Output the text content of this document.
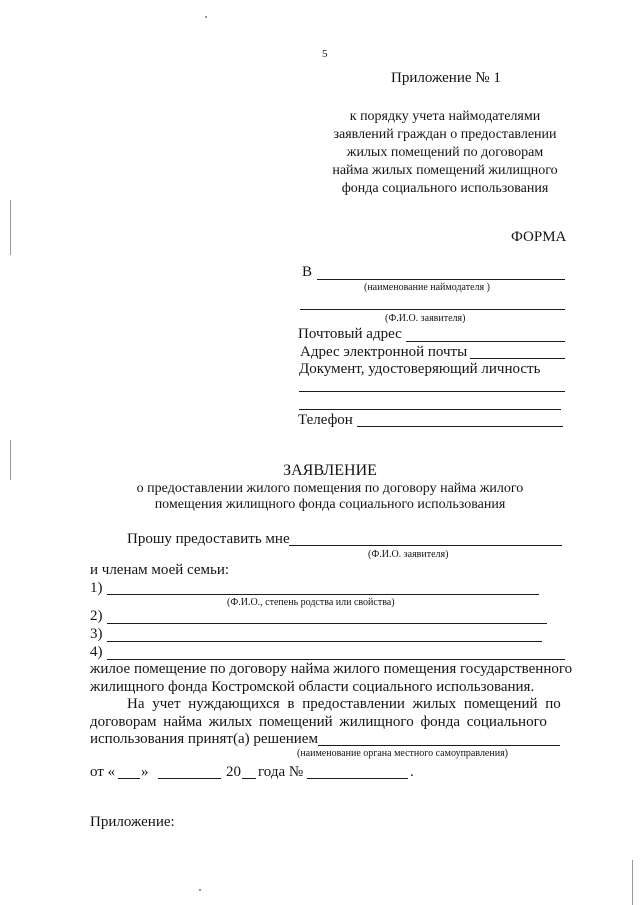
5
Приложение № 1
к порядку учета наймодателями
заявлений граждан о предоставлении
жилых помещений по договорам
найма жилых помещений жилищного
фонда социального использования
ФОРМА
В
(наименование наймодателя )
(Ф.И.О. заявителя)
Почтовый адрес
Адрес электронной почты
Документ, удостоверяющий личность
Телефон
ЗАЯВЛЕНИЕ
о предоставлении жилого помещения по договору найма жилого
помещения жилищного фонда социального использования
Прошу предоставить мне
(Ф.И.О. заявителя)
и членам моей семьи:
1)
(Ф.И.О., степень родства или свойства)
2)
3)
4)
жилое помещение по договору найма жилого помещения государственного
жилищного фонда Костромской области социального использования.
На учет нуждающихся в предоставлении жилых помещений по
договорам найма жилых помещений жилищного фонда социального
использования принят(а) решением
(наименование органа местного самоуправления)
от « »	20 года №	.
Приложение:
